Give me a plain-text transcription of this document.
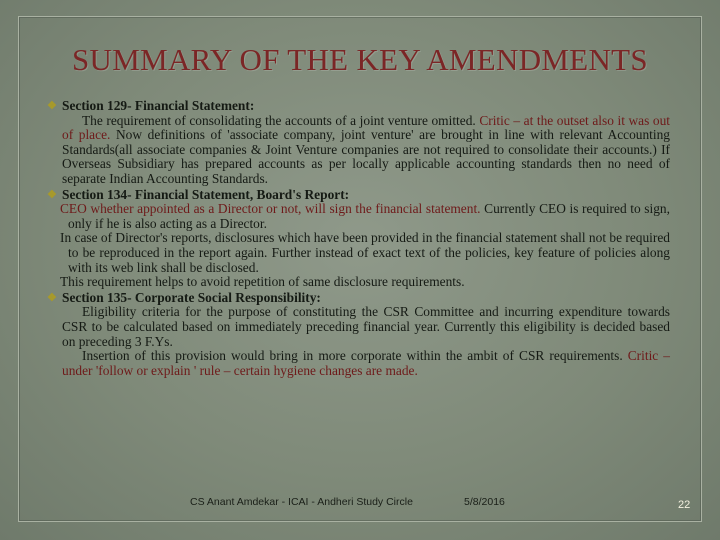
SUMMARY OF THE KEY AMENDMENTS
❖ Section 129- Financial Statement:

The requirement of consolidating the accounts of a joint venture omitted. Critic – at the outset also it was out of place. Now definitions of 'associate company, joint venture' are brought in line with relevant Accounting Standards(all associate companies & Joint Venture companies are not required to consolidate their accounts.) If Overseas Subsidiary has prepared accounts as per locally applicable accounting standards then no need of separate Indian Accounting Standards.

❖ Section 134- Financial Statement, Board's Report:

CEO whether appointed as a Director or not, will sign the financial statement. Currently CEO is required to sign, only if he is also acting as a Director.

In case of Director's reports, disclosures which have been provided in the financial statement shall not be required to be reproduced in the report again. Further instead of exact text of the policies, key feature of policies along with its web link shall be disclosed.

This requirement helps to avoid repetition of same disclosure requirements.

❖ Section 135- Corporate Social Responsibility:

Eligibility criteria for the purpose of constituting the CSR Committee and incurring expenditure towards CSR to be calculated based on immediately preceding financial year. Currently this eligibility is decided based on preceding 3 F.Ys.

Insertion of this provision would bring in more corporate within the ambit of CSR requirements. Critic – under 'follow or explain ' rule – certain hygiene changes are made.

CS Anant Amdekar - ICAI - Andheri Study Circle	5/8/2016	22
